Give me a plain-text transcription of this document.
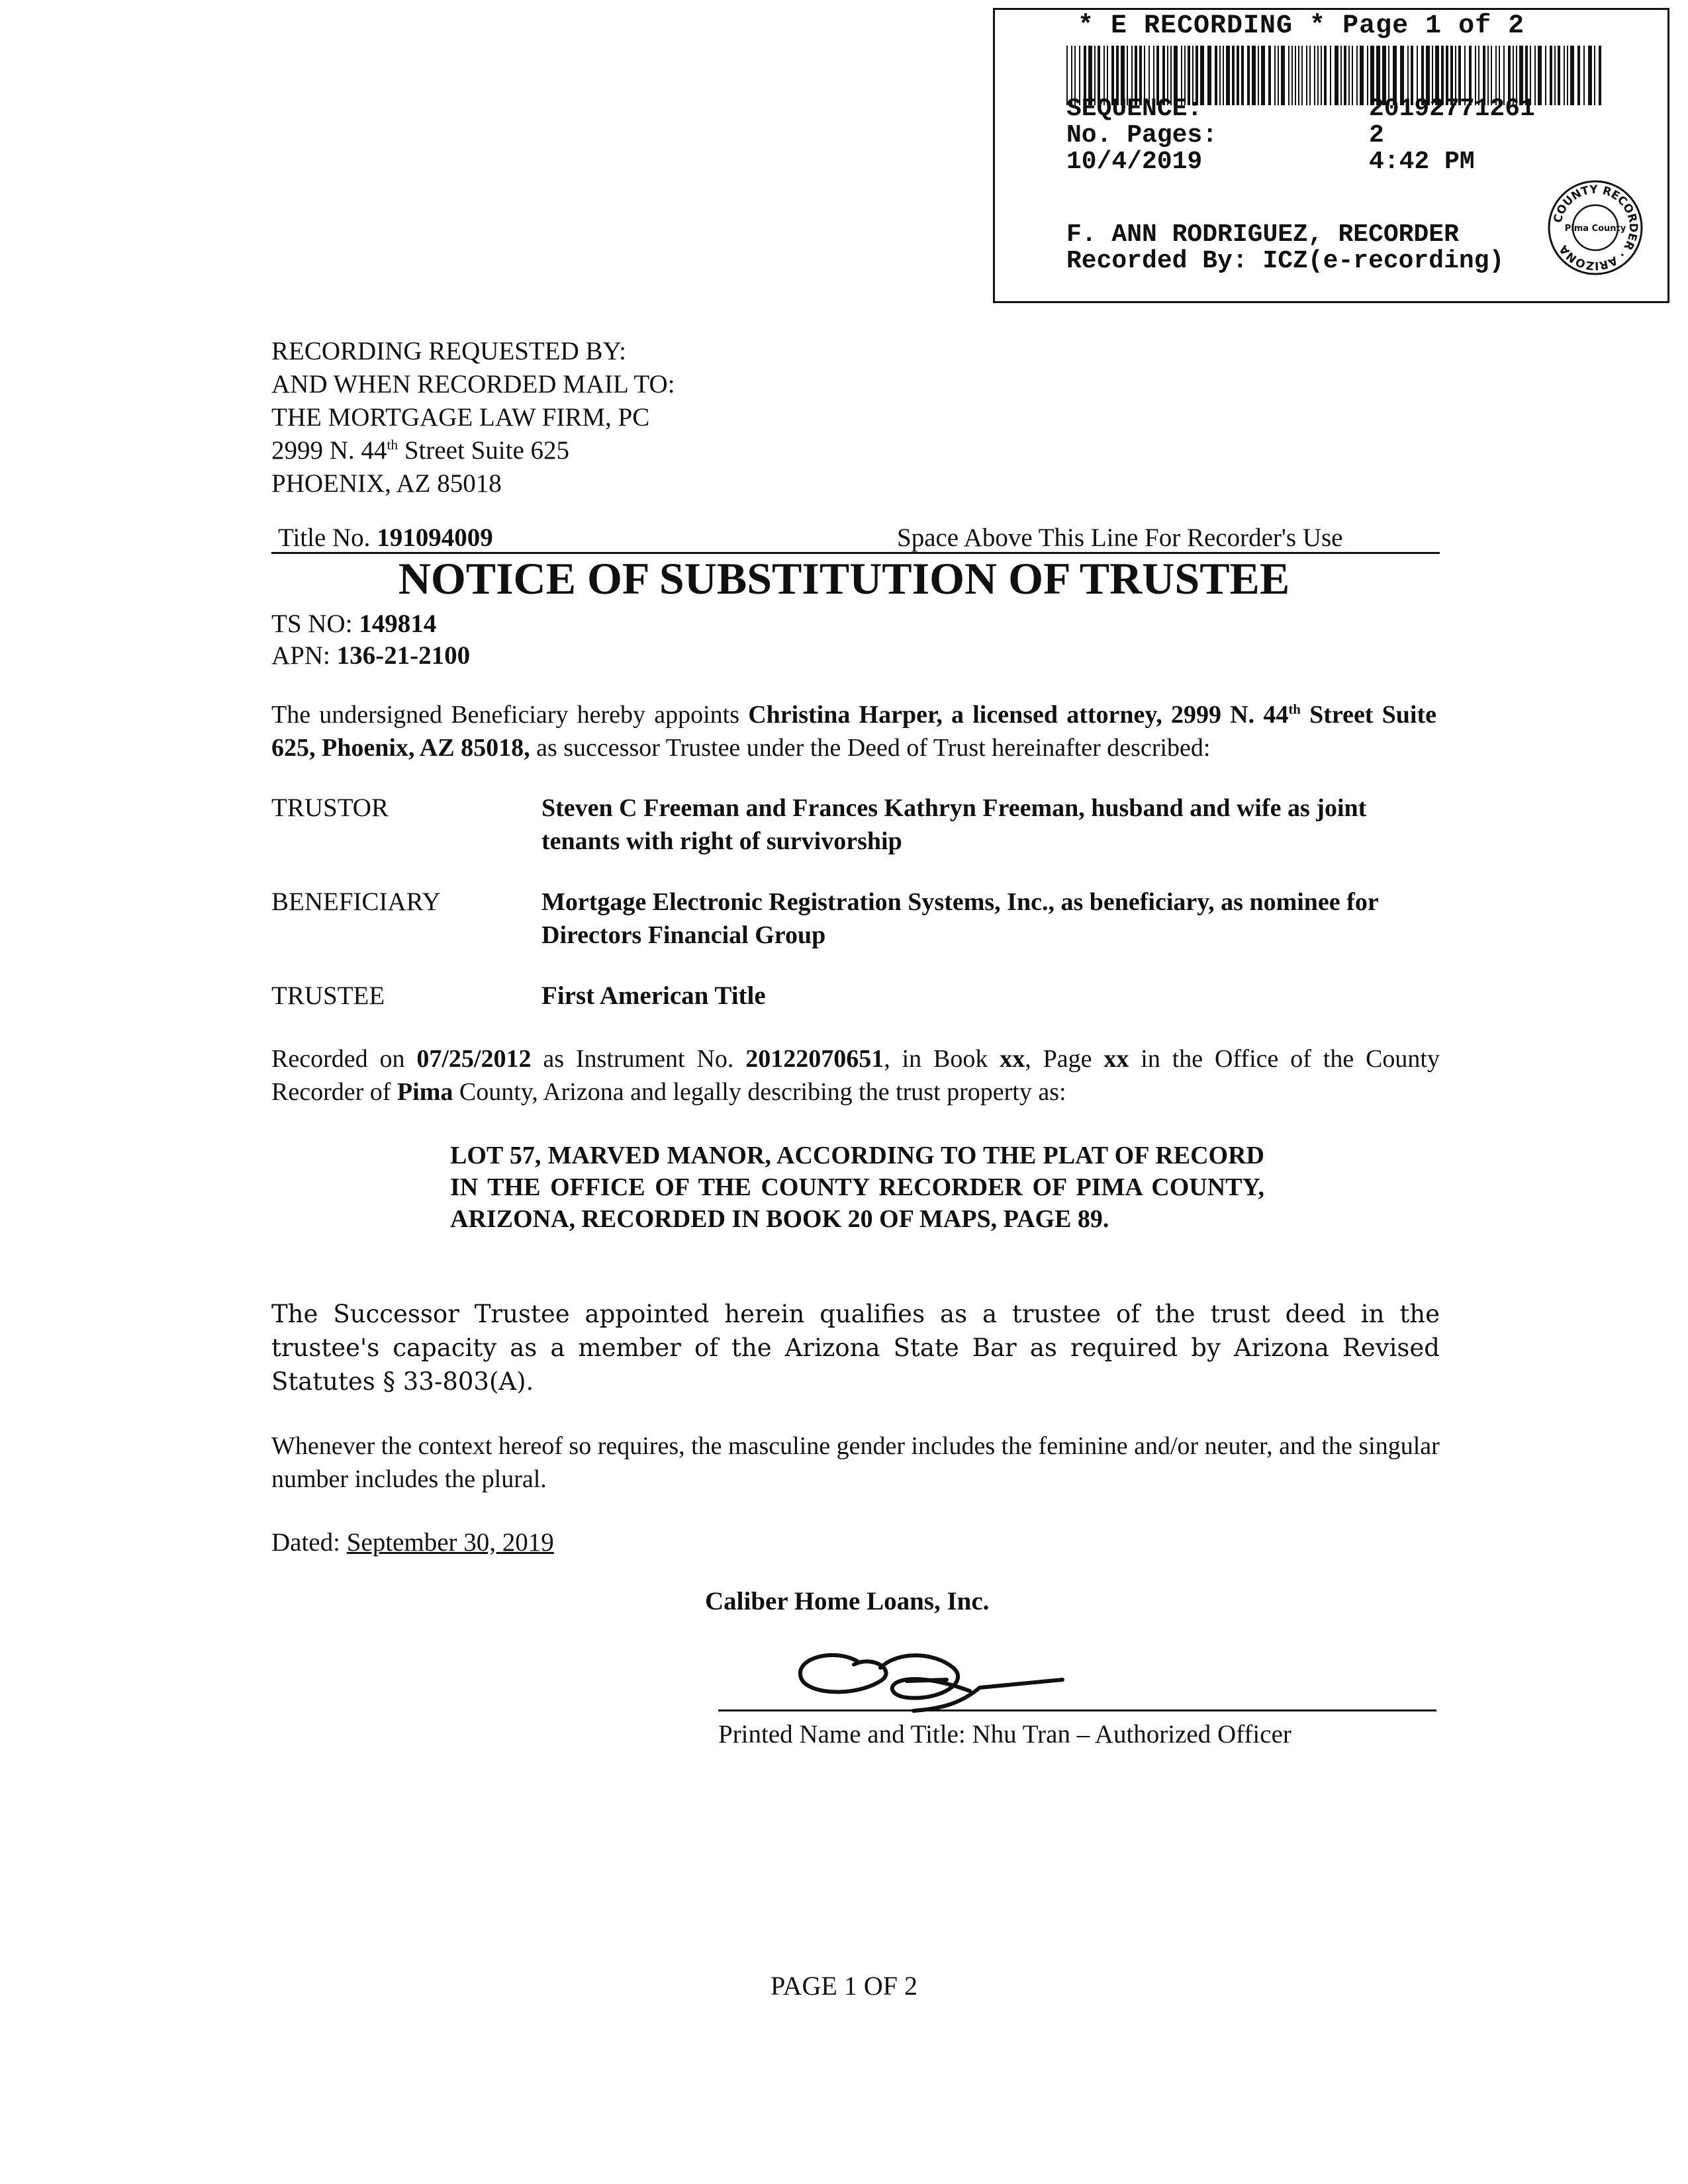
* E RECORDING * Page 1 of 2
SEQUENCE:	20192771261
No. Pages:	2
10/4/2019	4:42 PM
F. ANN RODRIGUEZ, RECORDER
Recorded By: ICZ(e-recording)
COUNTY RECORDER · ARIZONA
Pima County
RECORDING REQUESTED BY:
AND WHEN RECORDED MAIL TO:
THE MORTGAGE LAW FIRM, PC
2999 N. 44th Street Suite 625
PHOENIX, AZ 85018
Title No. 191094009	Space Above This Line For Recorder's Use
NOTICE OF SUBSTITUTION OF TRUSTEE
TS NO: 149814
APN: 136-21-2100
The undersigned Beneficiary hereby appoints Christina Harper, a licensed attorney, 2999 N. 44th Street Suite 625, Phoenix, AZ 85018, as successor Trustee under the Deed of Trust hereinafter described:
TRUSTOR	Steven C Freeman and Frances Kathryn Freeman, husband and wife as joint tenants with right of survivorship
BENEFICIARY	Mortgage Electronic Registration Systems, Inc., as beneficiary, as nominee for Directors Financial Group
TRUSTEE	First American Title
Recorded on 07/25/2012 as Instrument No. 20122070651, in Book xx, Page xx in the Office of the County Recorder of Pima County, Arizona and legally describing the trust property as:
LOT 57, MARVED MANOR, ACCORDING TO THE PLAT OF RECORD IN THE OFFICE OF THE COUNTY RECORDER OF PIMA COUNTY, ARIZONA, RECORDED IN BOOK 20 OF MAPS, PAGE 89.
The Successor Trustee appointed herein qualifies as a trustee of the trust deed in the trustee's capacity as a member of the Arizona State Bar as required by Arizona Revised Statutes § 33-803(A).
Whenever the context hereof so requires, the masculine gender includes the feminine and/or neuter, and the singular number includes the plural.
Dated: September 30, 2019
Caliber Home Loans, Inc.
Printed Name and Title: Nhu Tran – Authorized Officer
PAGE 1 OF 2
